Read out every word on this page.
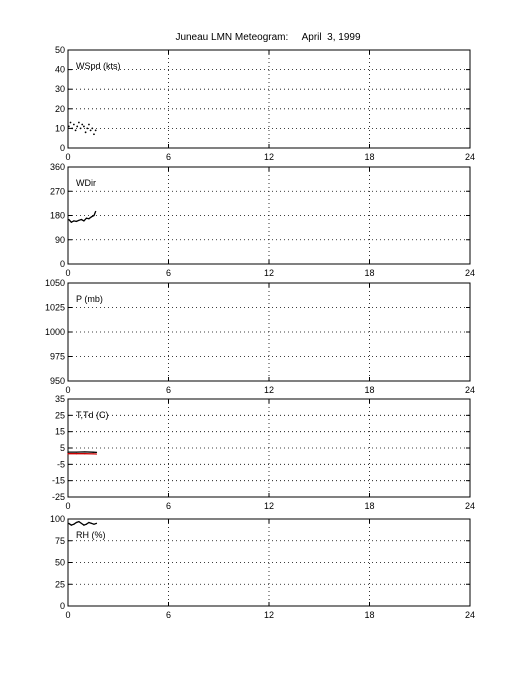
Juneau LMN Meteogram:     April  3, 1999
0	6	12	18	24
0
10
20
30
40
50
WSpd (kts)
0	6	12	18	24
0
90
180
270
360
WDir
0	6	12	18	24
950
975
1000
1025
1050
P (mb)
0	6	12	18	24
-25
-15
-5
5
15
25
35
T,Td (C)
0	6	12	18	24
0
25
50
75
100
RH (%)
